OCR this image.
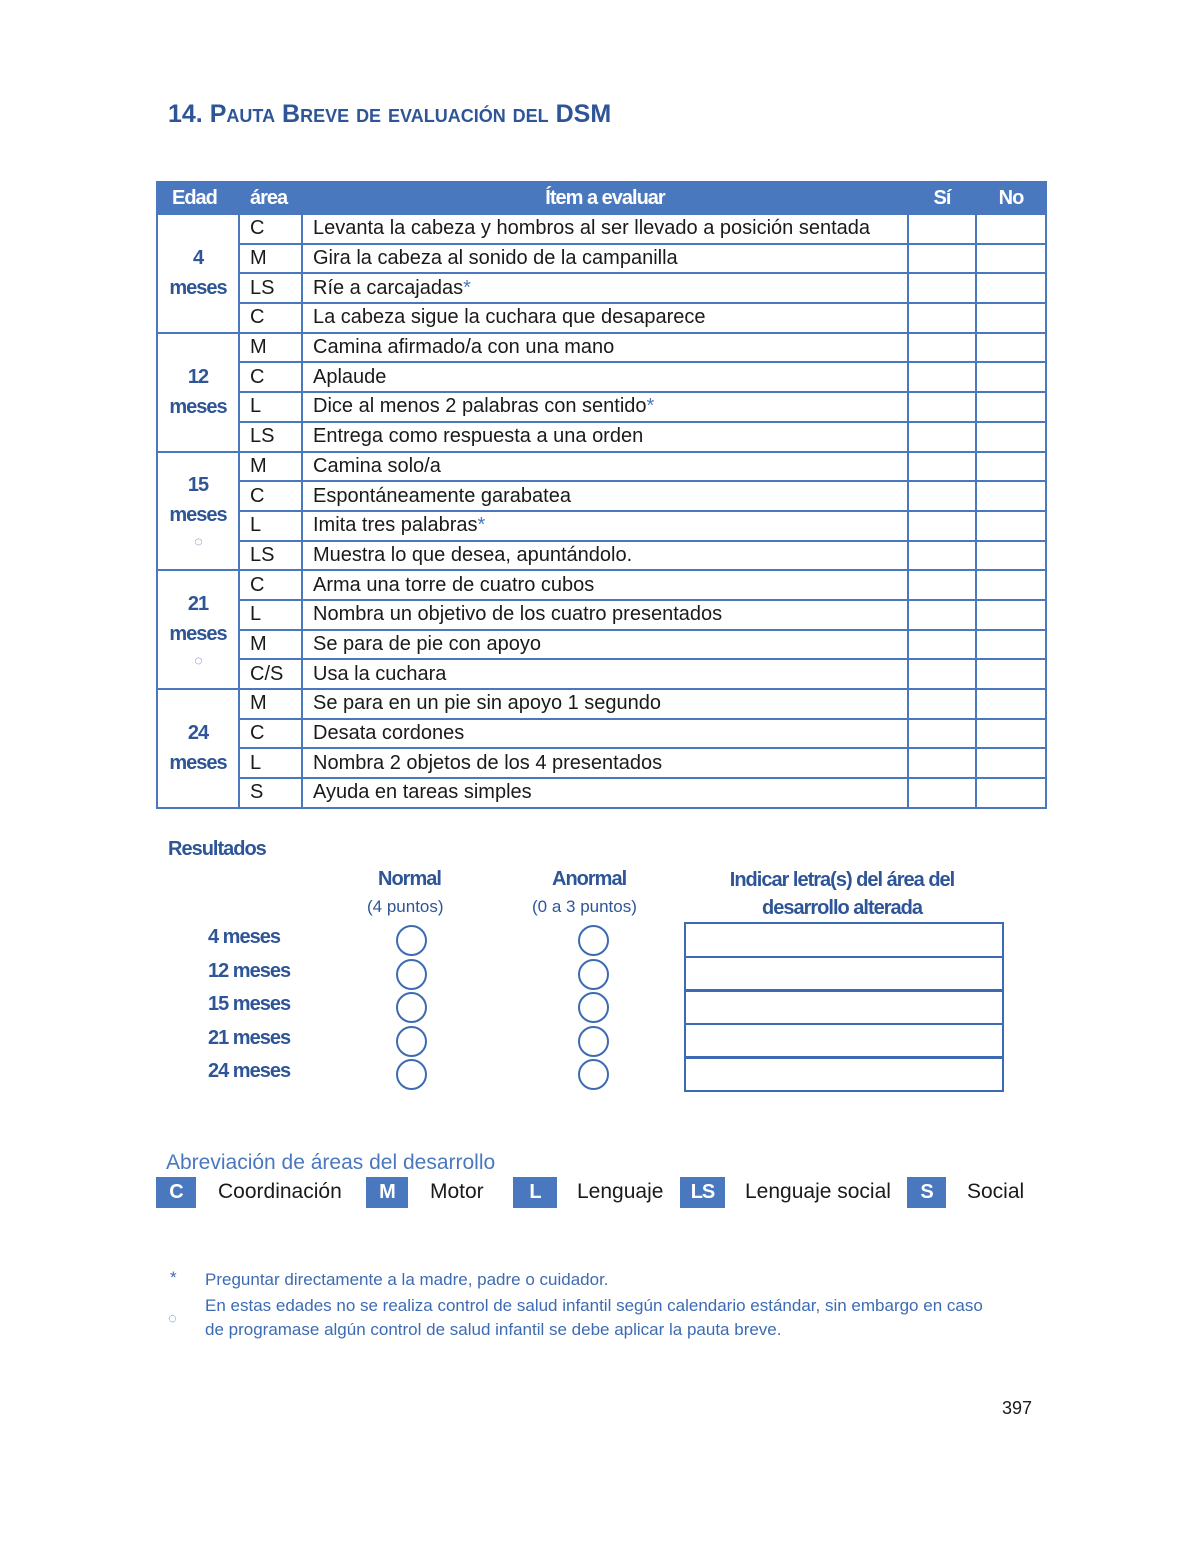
14. PAUTA BREVE DE EVALUACIÓN DEL DSM
Edad	área	Ítem a evaluar	Sí	No

4
meses	C	Levanta la cabeza y hombros al ser llevado a posición sentada		
	M	Gira la cabeza al sonido de la campanilla		
	LS	Ríe a carcajadas*		
	C	La cabeza sigue la cuchara que desaparece		

12
meses	M	Camina afirmado/a con una mano		
	C	Aplaude		
	L	Dice al menos 2 palabras con sentido*		
	LS	Entrega como respuesta a una orden		

15
meses
◌	M	Camina solo/a		
	C	Espontáneamente garabatea		
	L	Imita tres palabras*		
	LS	Muestra lo que desea, apuntándolo.		

21
meses
◌	C	Arma una torre de cuatro cubos		
	L	Nombra un objetivo de los cuatro presentados		
	M	Se para de pie con apoyo		
	C/S	Usa la cuchara		

24
meses	M	Se para en un pie sin apoyo 1 segundo		
	C	Desata cordones		
	L	Nombra 2 objetos de los 4 presentados		
	S	Ayuda en tareas simples		
Resultados
Normal
(4 puntos)
Anormal
(0 a 3 puntos)
Indicar letra(s) del área del
desarrollo alterada
4 meses
12 meses
15 meses
21 meses
24 meses
Abreviación de áreas del desarrollo
C	Coordinación	M	Motor	L	Lenguaje	LS	Lenguaje social	S	Social
* Preguntar directamente a la madre, padre o cuidador.
◌
En estas edades no se realiza control de salud infantil según calendario estándar, sin embargo en caso
de programase algún control de salud infantil se debe aplicar la pauta breve.
397
